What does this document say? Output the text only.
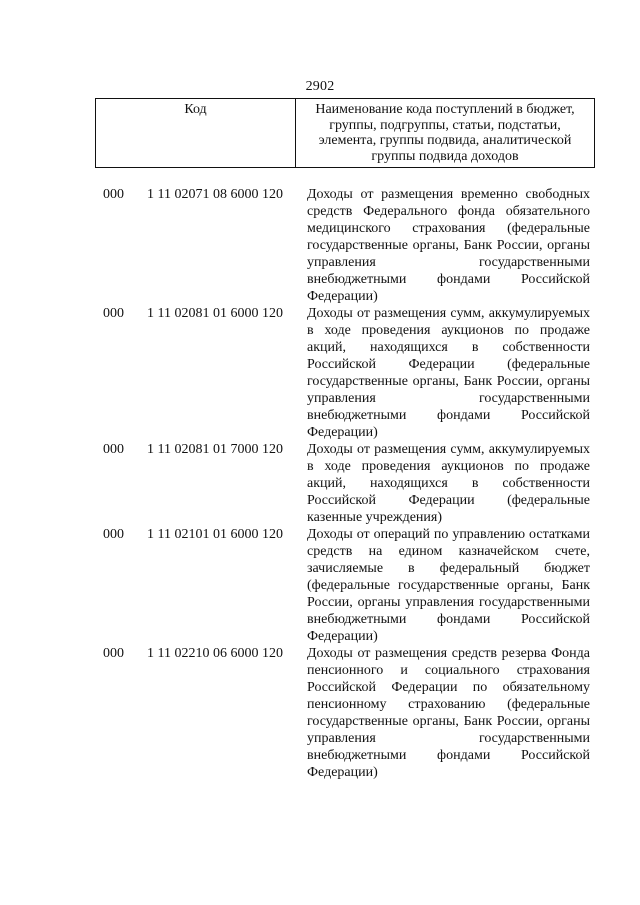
2902
Код	Наименование кода поступлений в бюджет, группы, подгруппы, статьи, подстатьи, элемента, группы подвида, аналитической группы подвида доходов
000 1 11 02071 08 6000 120 Доходы от размещения временно свободных средств Федерального фонда обязательного медицинского страхования (федеральные государственные органы, Банк России, органы управления государственными внебюджетными фондами Российской Федерации)
000 1 11 02081 01 6000 120 Доходы от размещения сумм, аккумулируемых в ходе проведения аукционов по продаже акций, находящихся в собственности Российской Федерации (федеральные государственные органы, Банк России, органы управления государственными внебюджетными фондами Российской Федерации)
000 1 11 02081 01 7000 120 Доходы от размещения сумм, аккумулируемых в ходе проведения аукционов по продаже акций, находящихся в собственности Российской Федерации (федеральные казенные учреждения)
000 1 11 02101 01 6000 120 Доходы от операций по управлению остатками средств на едином казначейском счете, зачисляемые в федеральный бюджет (федеральные государственные органы, Банк России, органы управления государственными внебюджетными фондами Российской Федерации)
000 1 11 02210 06 6000 120 Доходы от размещения средств резерва Фонда пенсионного и социального страхования Российской Федерации по обязательному пенсионному страхованию (федеральные государственные органы, Банк России, органы управления государственными внебюджетными фондами Российской Федерации)
